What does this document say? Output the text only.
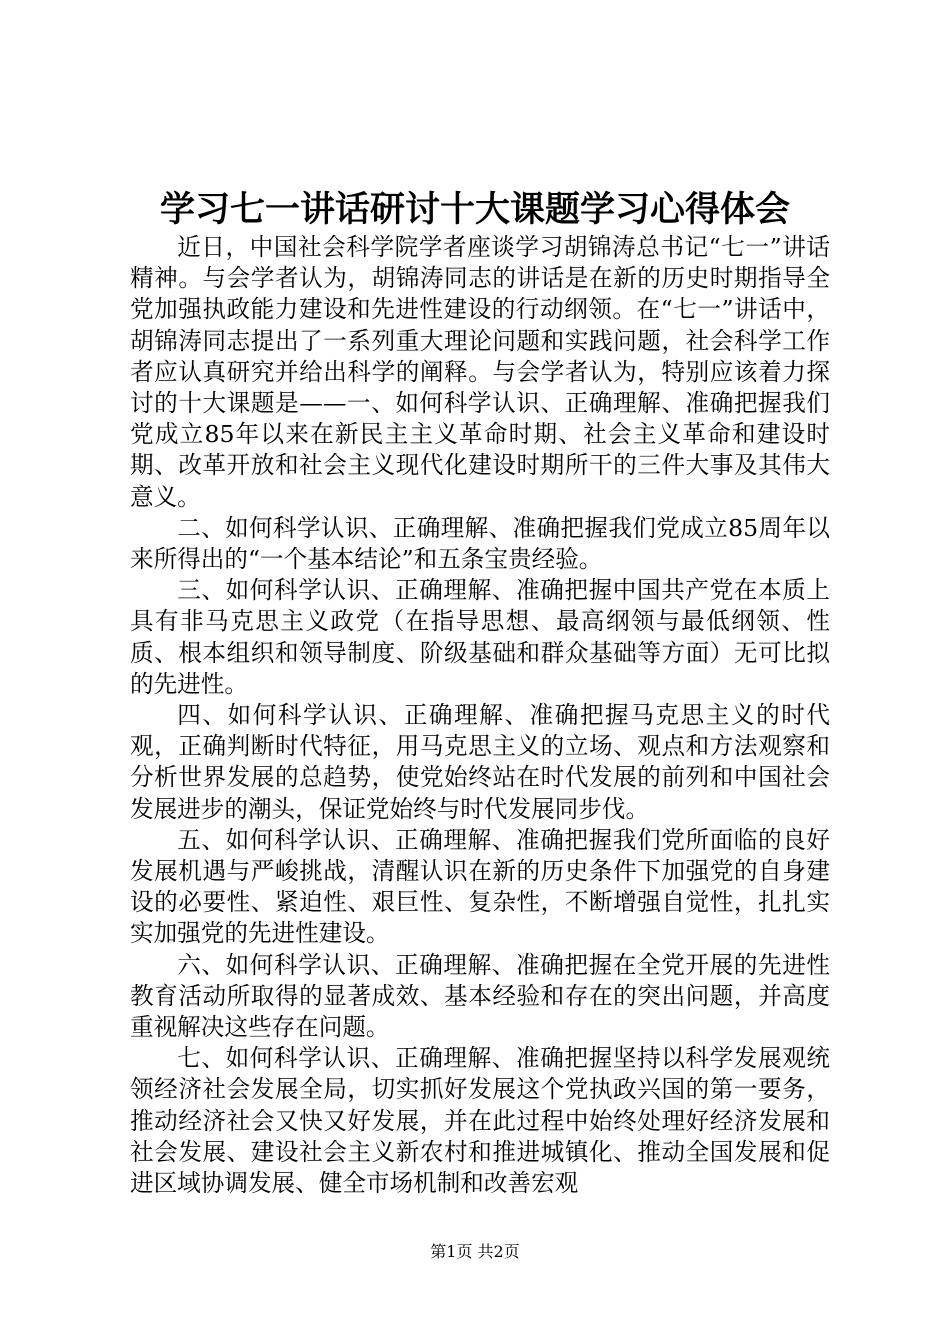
学习七一讲话研讨十大课题学习心得体会

近日，中国社会科学院学者座谈学习胡锦涛总书记“七一”讲话精神。与会学者认为，胡锦涛同志的讲话是在新的历史时期指导全党加强执政能力建设和先进性建设的行动纲领。在“七一”讲话中，胡锦涛同志提出了一系列重大理论问题和实践问题，社会科学工作者应认真研究并给出科学的阐释。与会学者认为，特别应该着力探讨的十大课题是——一、如何科学认识、正确理解、准确把握我们党成立85年以来在新民主主义革命时期、社会主义革命和建设时期、改革开放和社会主义现代化建设时期所干的三件大事及其伟大意义。

二、如何科学认识、正确理解、准确把握我们党成立85周年以来所得出的“一个基本结论”和五条宝贵经验。

三、如何科学认识、正确理解、准确把握中国共产党在本质上具有非马克思主义政党（在指导思想、最高纲领与最低纲领、性质、根本组织和领导制度、阶级基础和群众基础等方面）无可比拟的先进性。

四、如何科学认识、正确理解、准确把握马克思主义的时代观，正确判断时代特征，用马克思主义的立场、观点和方法观察和分析世界发展的总趋势，使党始终站在时代发展的前列和中国社会发展进步的潮头，保证党始终与时代发展同步伐。

五、如何科学认识、正确理解、准确把握我们党所面临的良好发展机遇与严峻挑战，清醒认识在新的历史条件下加强党的自身建设的必要性、紧迫性、艰巨性、复杂性，不断增强自觉性，扎扎实实加强党的先进性建设。

六、如何科学认识、正确理解、准确把握在全党开展的先进性教育活动所取得的显著成效、基本经验和存在的突出问题，并高度重视解决这些存在问题。

七、如何科学认识、正确理解、准确把握坚持以科学发展观统领经济社会发展全局，切实抓好发展这个党执政兴国的第一要务，推动经济社会又快又好发展，并在此过程中始终处理好经济发展和社会发展、建设社会主义新农村和推进城镇化、推动全国发展和促进区域协调发展、健全市场机制和改善宏观

第1页 共2页
